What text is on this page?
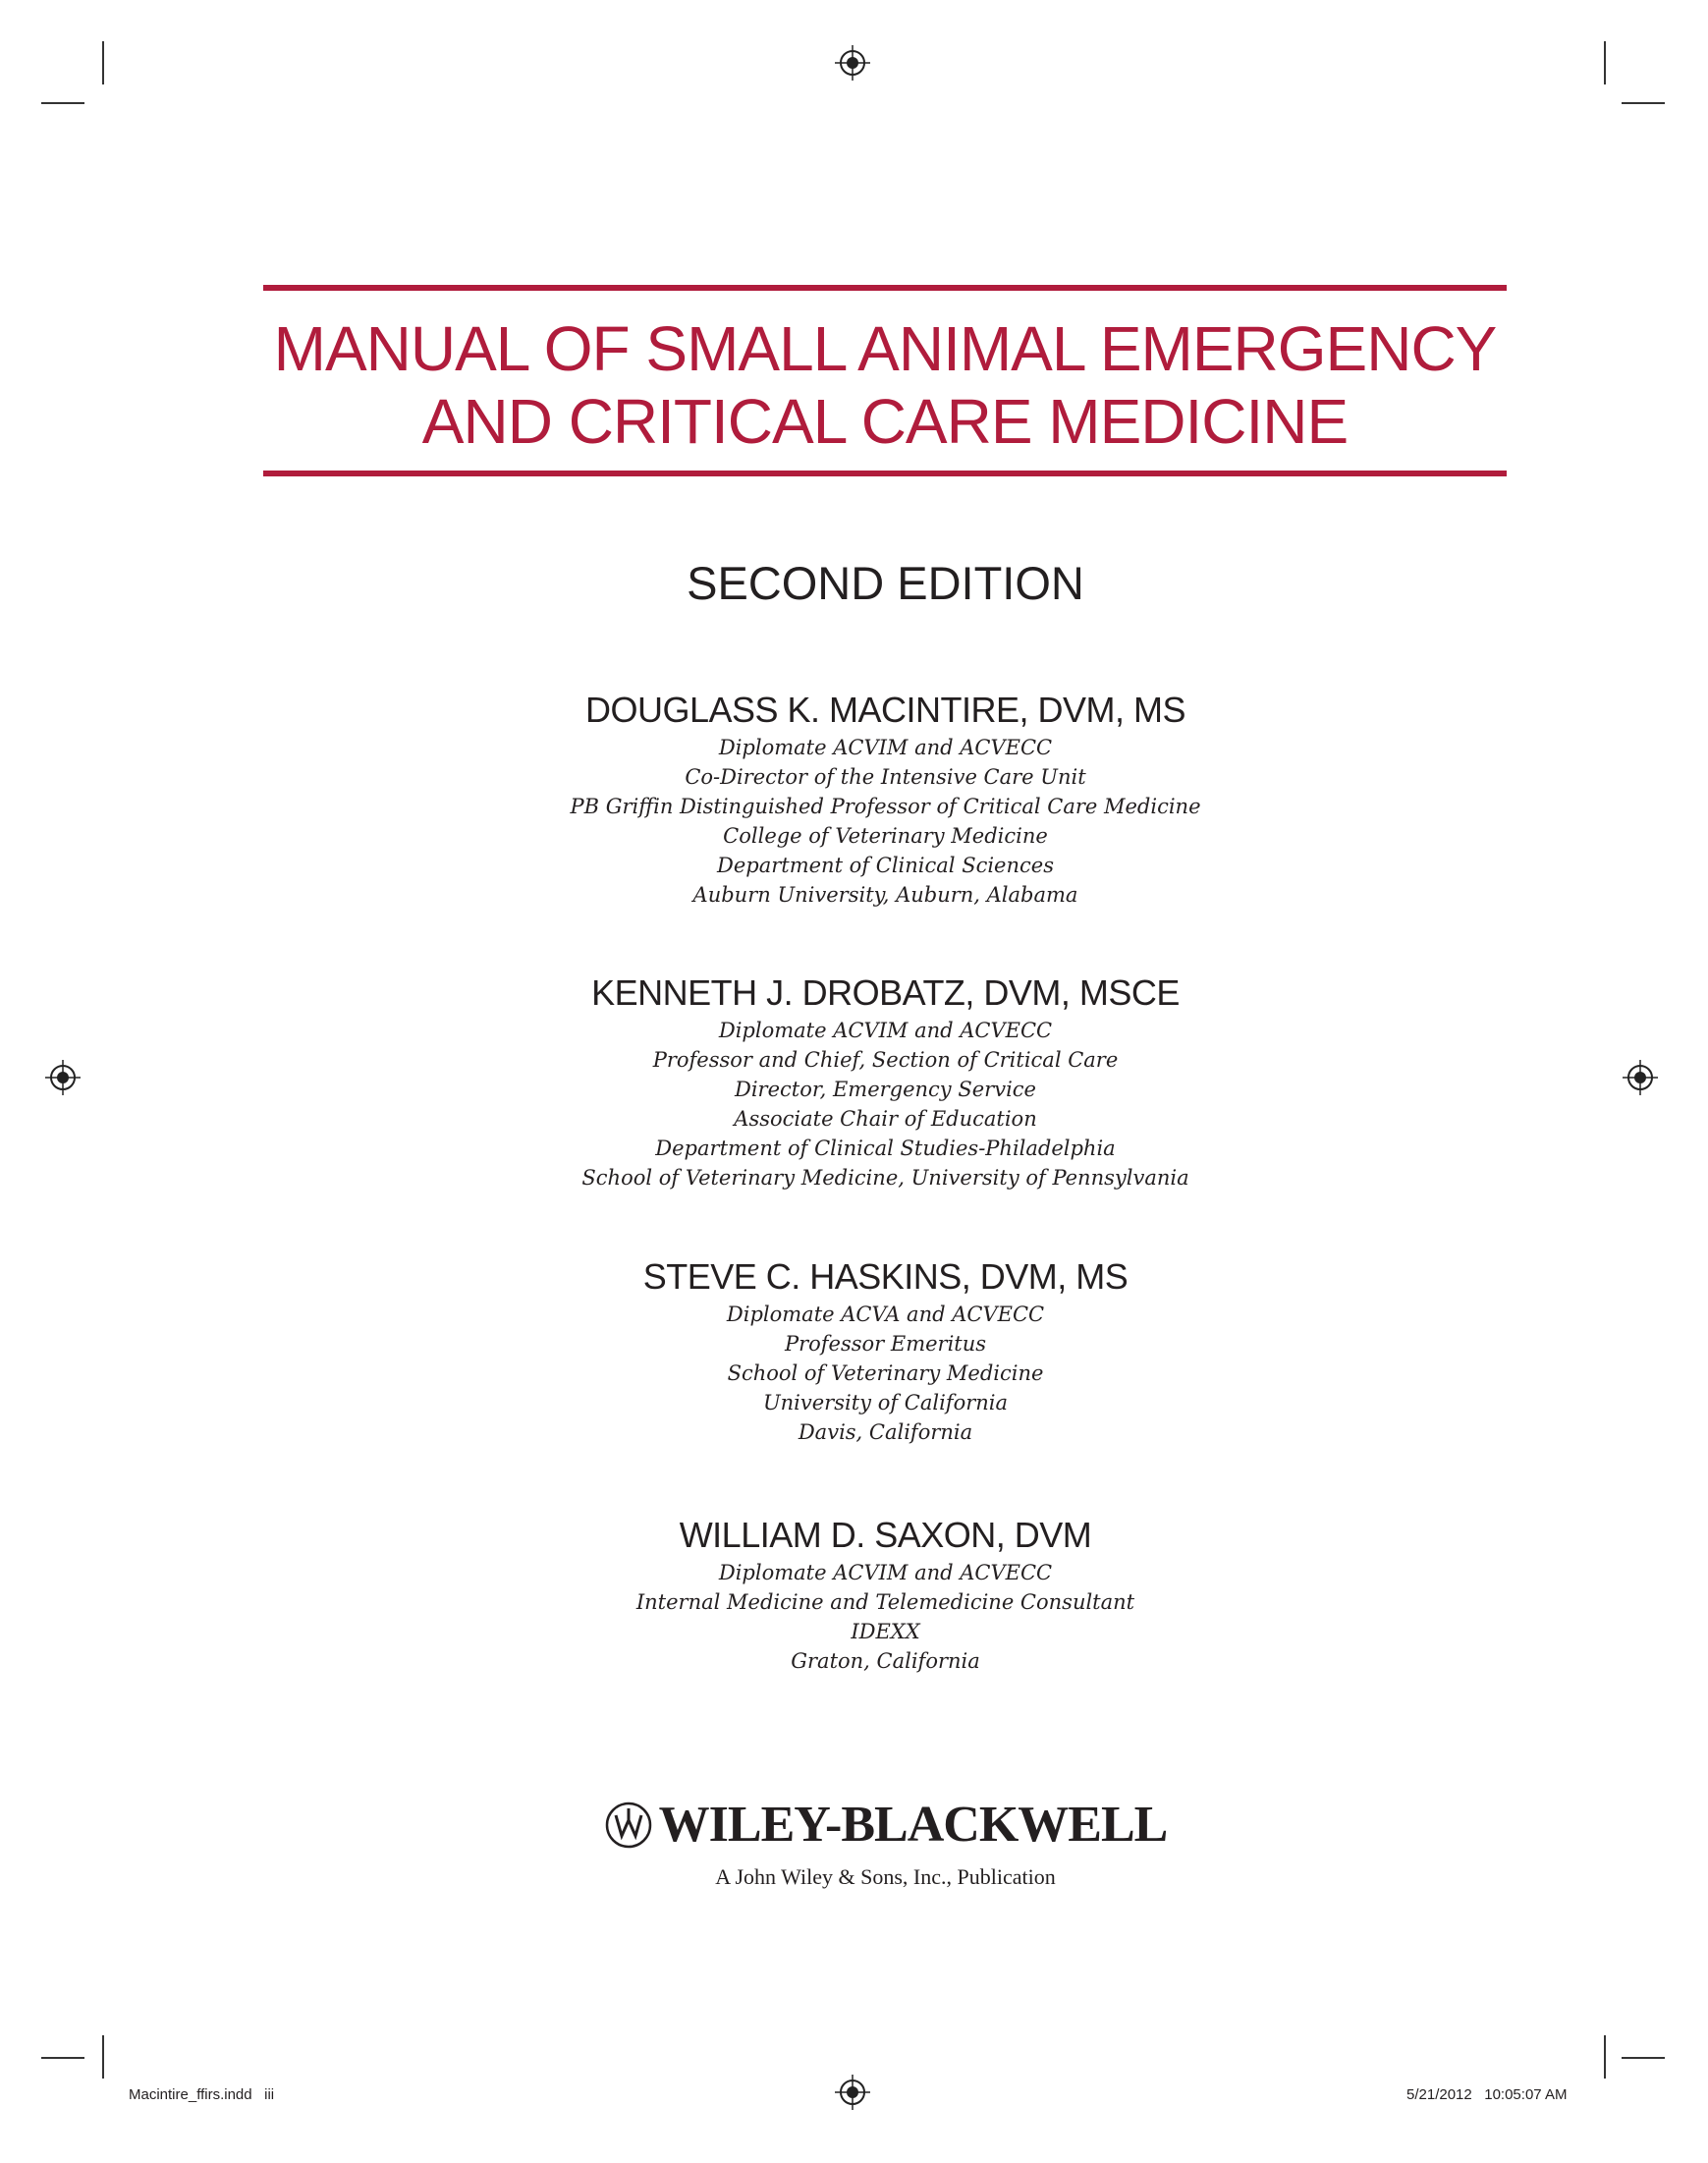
MANUAL OF SMALL ANIMAL EMERGENCY
AND CRITICAL CARE MEDICINE
SECOND EDITION
DOUGLASS K. MACINTIRE, DVM, MS
Diplomate ACVIM and ACVECC
Co-Director of the Intensive Care Unit
PB Griffin Distinguished Professor of Critical Care Medicine
College of Veterinary Medicine
Department of Clinical Sciences
Auburn University, Auburn, Alabama
KENNETH J. DROBATZ, DVM, MSCE
Diplomate ACVIM and ACVECC
Professor and Chief, Section of Critical Care
Director, Emergency Service
Associate Chair of Education
Department of Clinical Studies-Philadelphia
School of Veterinary Medicine, University of Pennsylvania
STEVE C. HASKINS, DVM, MS
Diplomate ACVA and ACVECC
Professor Emeritus
School of Veterinary Medicine
University of California
Davis, California
WILLIAM D. SAXON, DVM
Diplomate ACVIM and ACVECC
Internal Medicine and Telemedicine Consultant
IDEXX
Graton, California
WILEY-BLACKWELL
A John Wiley & Sons, Inc., Publication
Macintire_ffirs.indd   iii	5/21/2012   10:05:07 AM
